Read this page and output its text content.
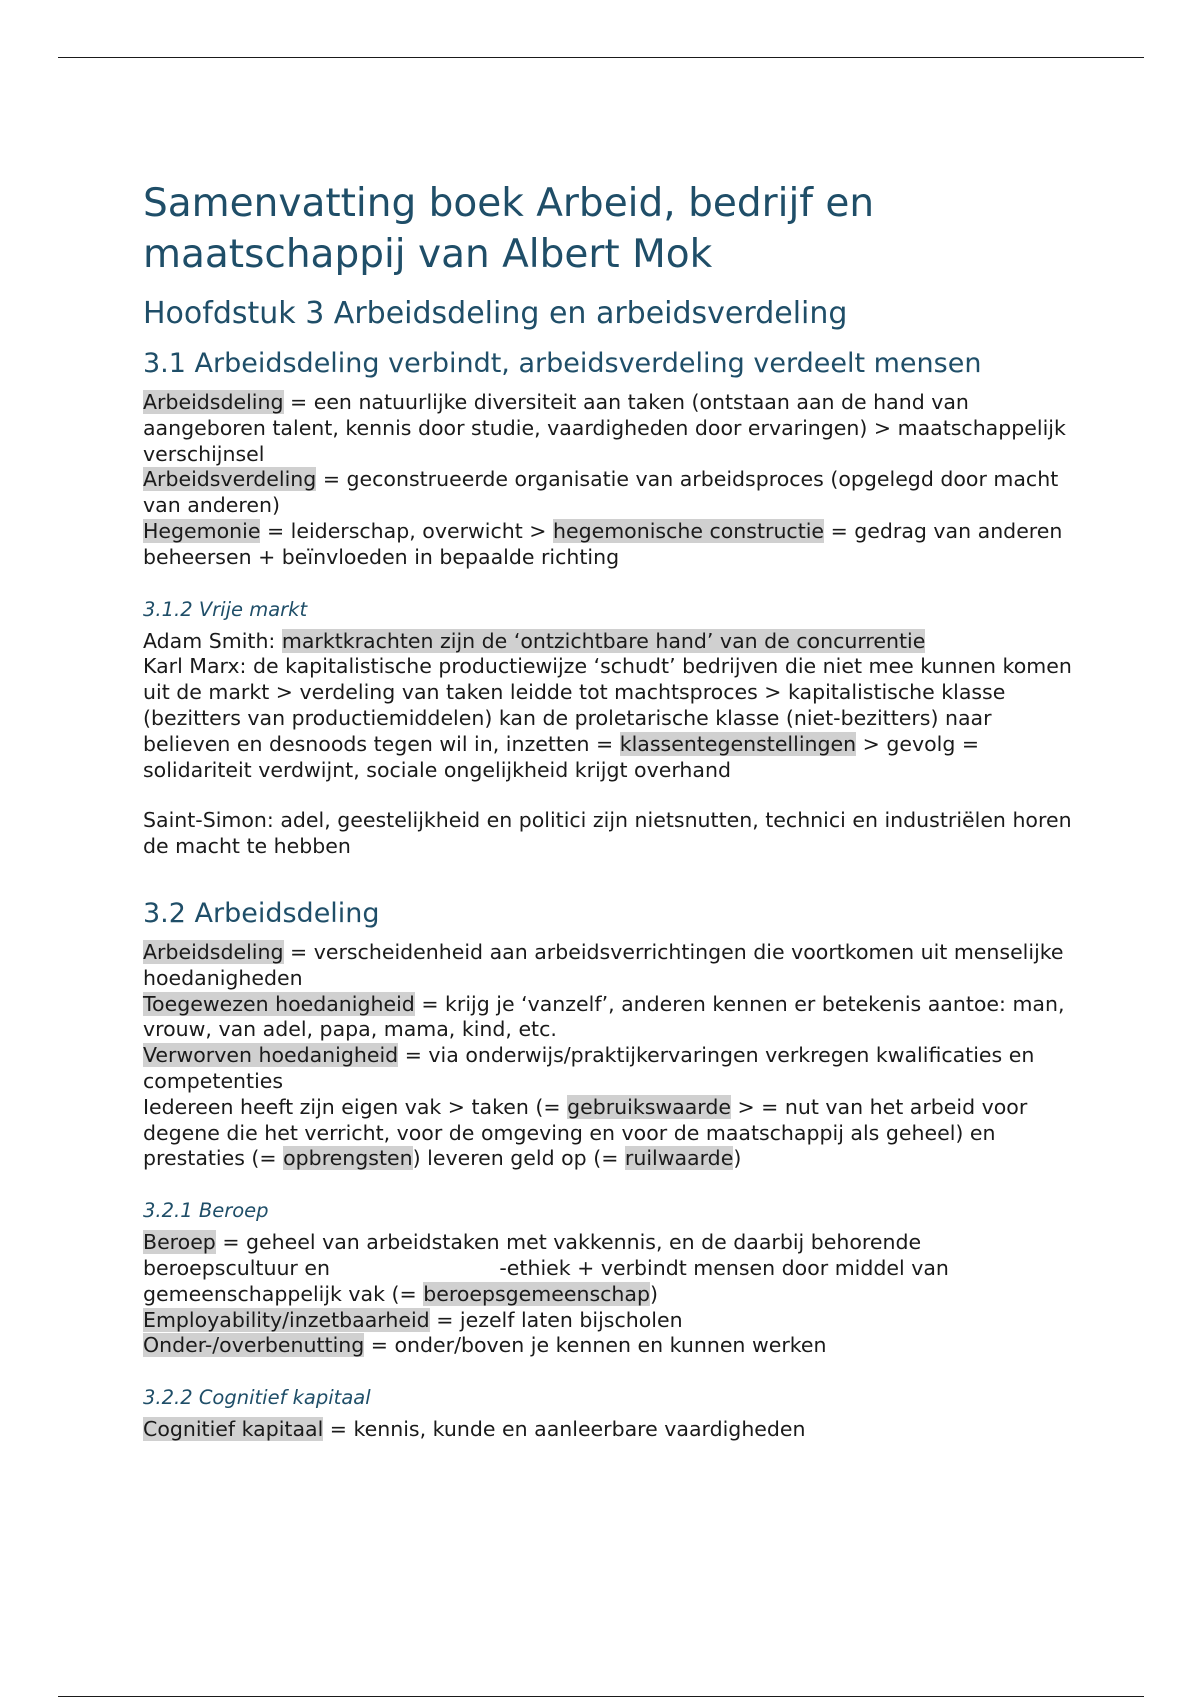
Samenvatting boek Arbeid, bedrijf en maatschappij van Albert Mok
Hoofdstuk 3 Arbeidsdeling en arbeidsverdeling
3.1 Arbeidsdeling verbindt, arbeidsverdeling verdeelt mensen

Arbeidsdeling = een natuurlijke diversiteit aan taken (ontstaan aan de hand van aangeboren talent, kennis door studie, vaardigheden door ervaringen) > maatschappelijk verschijnsel

Arbeidsverdeling = geconstrueerde organisatie van arbeidsproces (opgelegd door macht van anderen)

Hegemonie = leiderschap, overwicht > hegemonische constructie = gedrag van anderen beheersen + beïnvloeden in bepaalde richting

3.1.2 Vrije markt

Adam Smith: marktkrachten zijn de ‘ontzichtbare hand’ van de concurrentie

Karl Marx: de kapitalistische productiewijze ‘schudt’ bedrijven die niet mee kunnen komen uit de markt > verdeling van taken leidde tot machtsproces > kapitalistische klasse (bezitters van productiemiddelen) kan de proletarische klasse (niet-bezitters) naar believen en desnoods tegen wil in, inzetten = klassentegenstellingen > gevolg = solidariteit verdwijnt, sociale ongelijkheid krijgt overhand

Saint-Simon: adel, geestelijkheid en politici zijn nietsnutten, technici en industriëlen horen de macht te hebben

3.2 Arbeidsdeling

Arbeidsdeling = verscheidenheid aan arbeidsverrichtingen die voortkomen uit menselijke hoedanigheden

Toegewezen hoedanigheid = krijg je ‘vanzelf’, anderen kennen er betekenis aantoe: man, vrouw, van adel, papa, mama, kind, etc.

Verworven hoedanigheid = via onderwijs/praktijkervaringen verkregen kwalificaties en competenties

Iedereen heeft zijn eigen vak > taken (= gebruikswaarde > = nut van het arbeid voor degene die het verricht, voor de omgeving en voor de maatschappij als geheel) en prestaties (= opbrengsten) leveren geld op (= ruilwaarde)

3.2.1 Beroep

Beroep = geheel van arbeidstaken met vakkennis, en de daarbij behorende beroepscultuur en                          -ethiek + verbindt mensen door middel van gemeenschappelijk vak (= beroepsgemeenschap)

Employability/inzetbaarheid = jezelf laten bijscholen

Onder-/overbenutting = onder/boven je kennen en kunnen werken

3.2.2 Cognitief kapitaal

Cognitief kapitaal = kennis, kunde en aanleerbare vaardigheden
